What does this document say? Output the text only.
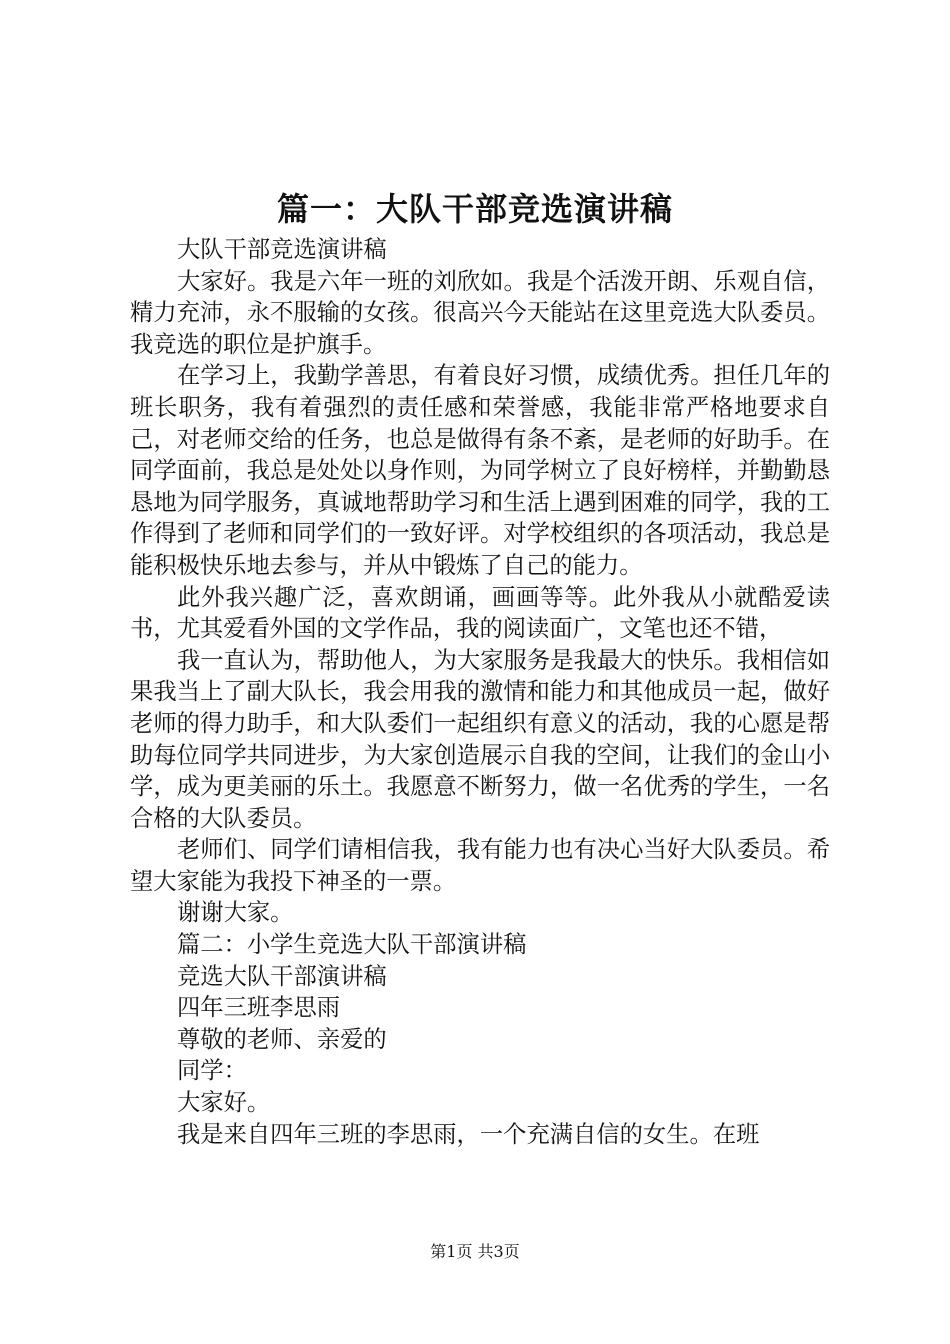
篇一：大队干部竞选演讲稿

大队干部竞选演讲稿

大家好。我是六年一班的刘欣如。我是个活泼开朗、乐观自信，精力充沛，永不服输的女孩。很高兴今天能站在这里竞选大队委员。我竞选的职位是护旗手。

在学习上，我勤学善思，有着良好习惯，成绩优秀。担任几年的班长职务，我有着强烈的责任感和荣誉感，我能非常严格地要求自己，对老师交给的任务，也总是做得有条不紊，是老师的好助手。在同学面前，我总是处处以身作则，为同学树立了良好榜样，并勤勤恳恳地为同学服务，真诚地帮助学习和生活上遇到困难的同学，我的工作得到了老师和同学们的一致好评。对学校组织的各项活动，我总是能积极快乐地去参与，并从中锻炼了自己的能力。

此外我兴趣广泛，喜欢朗诵，画画等等。此外我从小就酷爱读书，尤其爱看外国的文学作品，我的阅读面广，文笔也还不错，

我一直认为，帮助他人，为大家服务是我最大的快乐。我相信如果我当上了副大队长，我会用我的激情和能力和其他成员一起，做好老师的得力助手，和大队委们一起组织有意义的活动，我的心愿是帮助每位同学共同进步，为大家创造展示自我的空间，让我们的金山小学，成为更美丽的乐土。我愿意不断努力，做一名优秀的学生，一名合格的大队委员。

老师们、同学们请相信我，我有能力也有决心当好大队委员。希望大家能为我投下神圣的一票。

谢谢大家。

篇二：小学生竞选大队干部演讲稿

竞选大队干部演讲稿

四年三班李思雨

尊敬的老师、亲爱的

同学：

大家好。

我是来自四年三班的李思雨，一个充满自信的女生。在班

第1页 共3页
